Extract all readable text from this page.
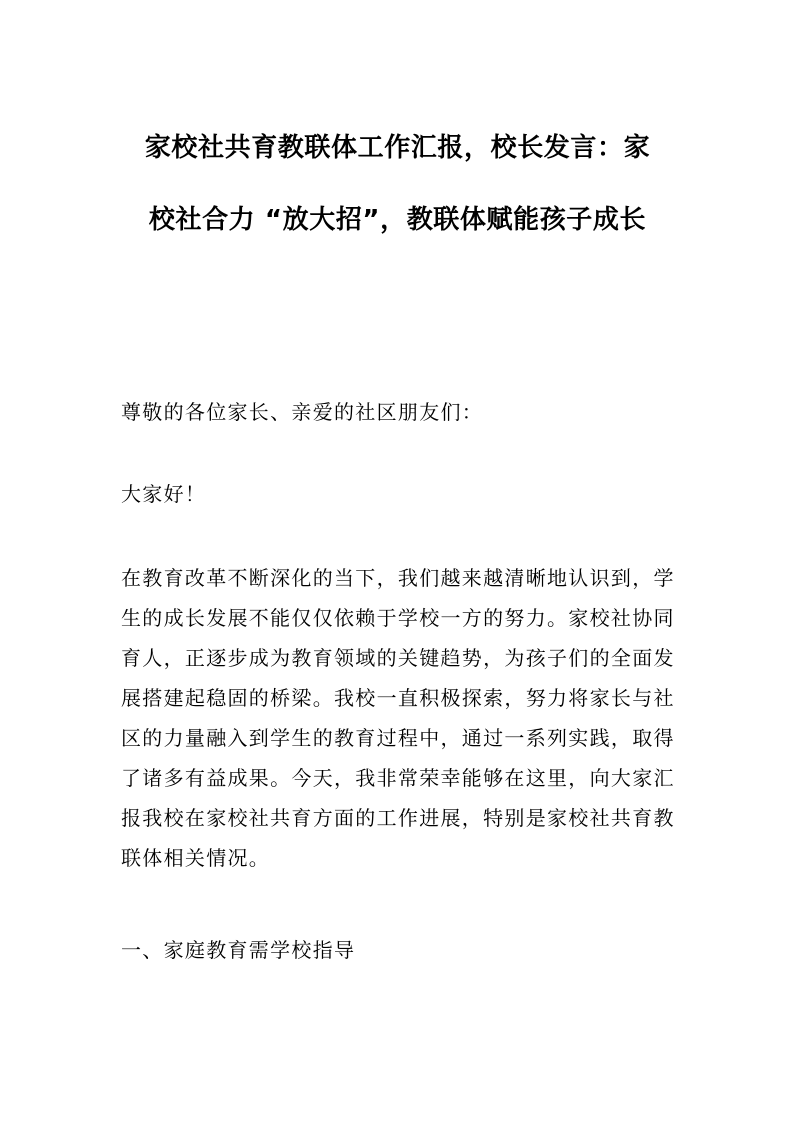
家校社共育教联体工作汇报，校长发言：家
校社合力 “放大招”，教联体赋能孩子成长

尊敬的各位家长、亲爱的社区朋友们：

大家好！

在教育改革不断深化的当下，我们越来越清晰地认识到，学

生的成长发展不能仅仅依赖于学校一方的努力。家校社协同

育人，正逐步成为教育领域的关键趋势，为孩子们的全面发

展搭建起稳固的桥梁。我校一直积极探索，努力将家长与社

区的力量融入到学生的教育过程中，通过一系列实践，取得

了诸多有益成果。今天，我非常荣幸能够在这里，向大家汇

报我校在家校社共育方面的工作进展，特别是家校社共育教

联体相关情况。

一、家庭教育需学校指导
